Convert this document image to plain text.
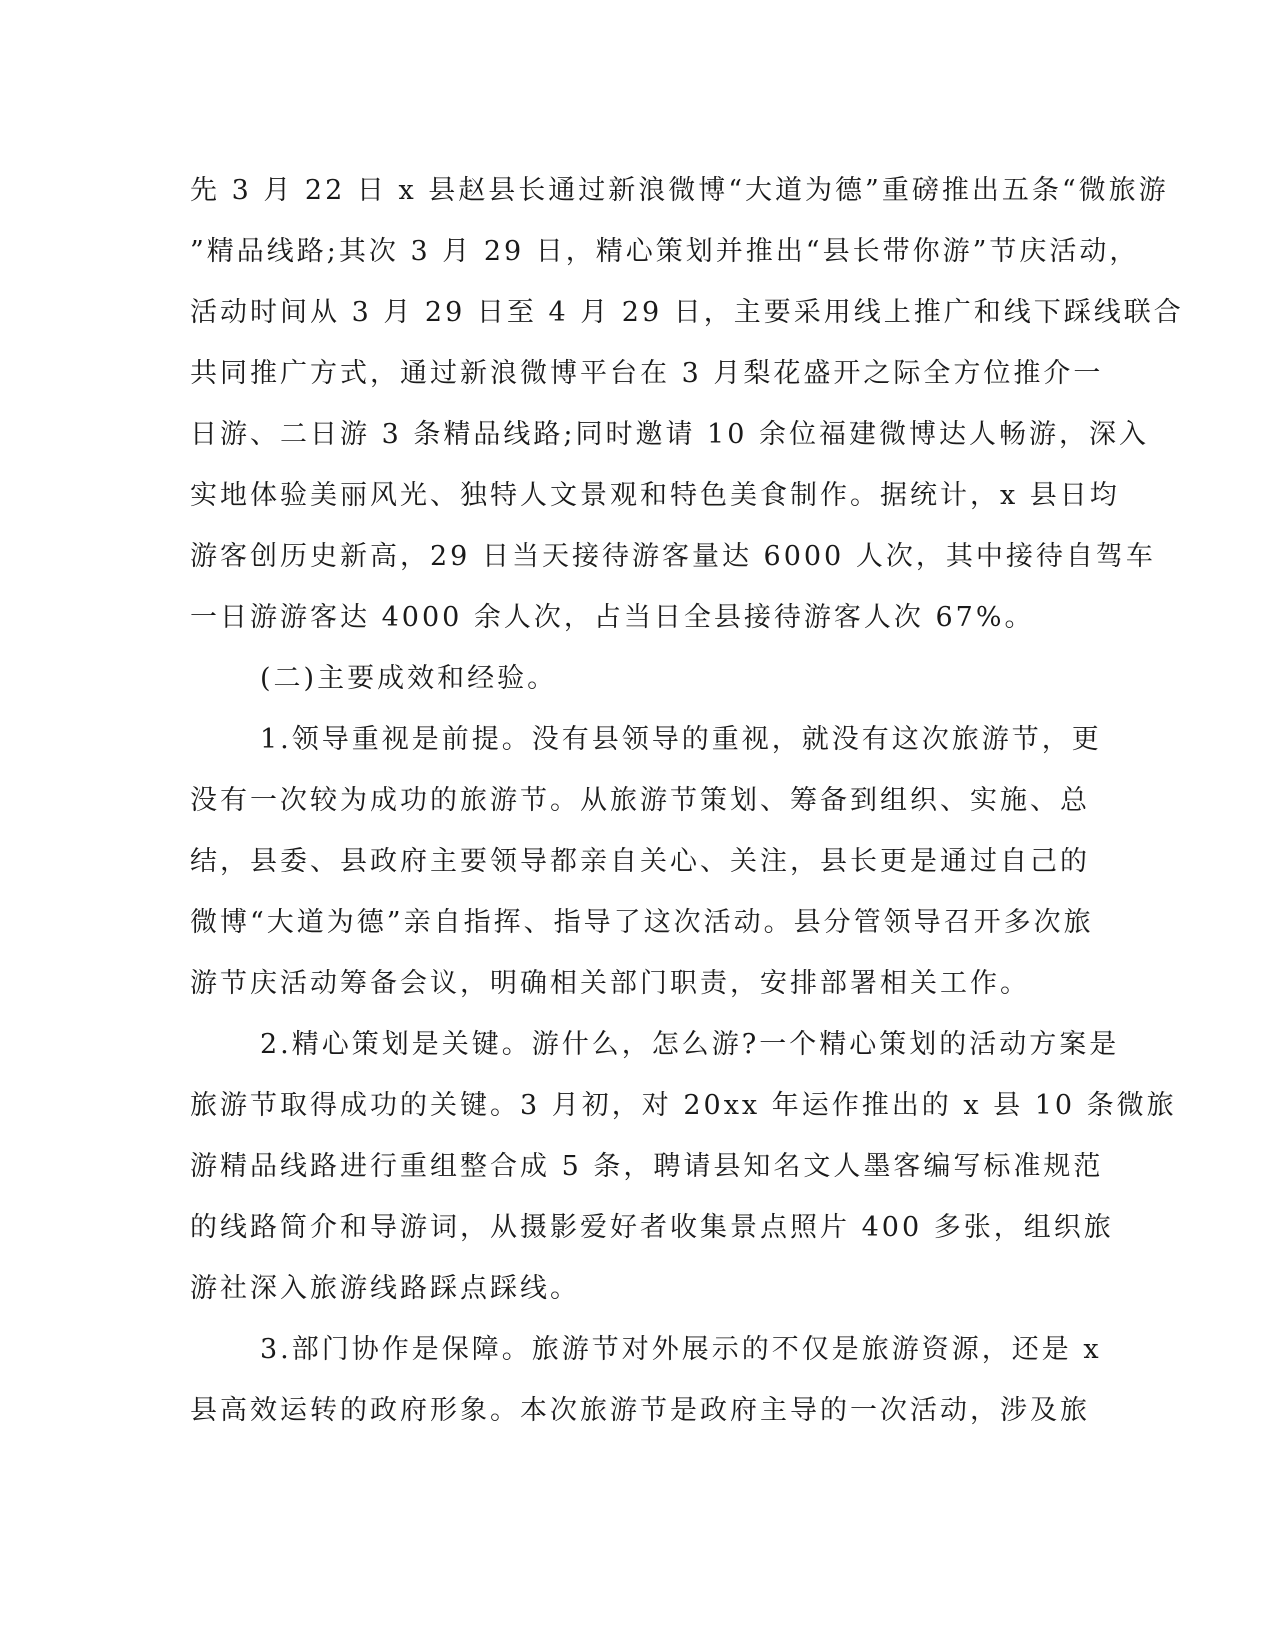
先 3 月 22 日 x 县赵县长通过新浪微博“大道为德”重磅推出五条“微旅游
”精品线路;其次 3 月 29 日，精心策划并推出“县长带你游”节庆活动，
活动时间从 3 月 29 日至 4 月 29 日，主要采用线上推广和线下踩线联合
共同推广方式，通过新浪微博平台在 3 月梨花盛开之际全方位推介一
日游、二日游 3 条精品线路;同时邀请 10 余位福建微博达人畅游，深入
实地体验美丽风光、独特人文景观和特色美食制作。据统计，x 县日均
游客创历史新高，29 日当天接待游客量达 6000 人次，其中接待自驾车
一日游游客达 4000 余人次，占当日全县接待游客人次 67%。
(二)主要成效和经验。
1.领导重视是前提。没有县领导的重视，就没有这次旅游节，更
没有一次较为成功的旅游节。从旅游节策划、筹备到组织、实施、总
结，县委、县政府主要领导都亲自关心、关注，县长更是通过自己的
微博“大道为德”亲自指挥、指导了这次活动。县分管领导召开多次旅
游节庆活动筹备会议，明确相关部门职责，安排部署相关工作。
2.精心策划是关键。游什么，怎么游?一个精心策划的活动方案是
旅游节取得成功的关键。3 月初，对 20xx 年运作推出的 x 县 10 条微旅
游精品线路进行重组整合成 5 条，聘请县知名文人墨客编写标准规范
的线路简介和导游词，从摄影爱好者收集景点照片 400 多张，组织旅
游社深入旅游线路踩点踩线。
3.部门协作是保障。旅游节对外展示的不仅是旅游资源，还是 x
县高效运转的政府形象。本次旅游节是政府主导的一次活动，涉及旅
